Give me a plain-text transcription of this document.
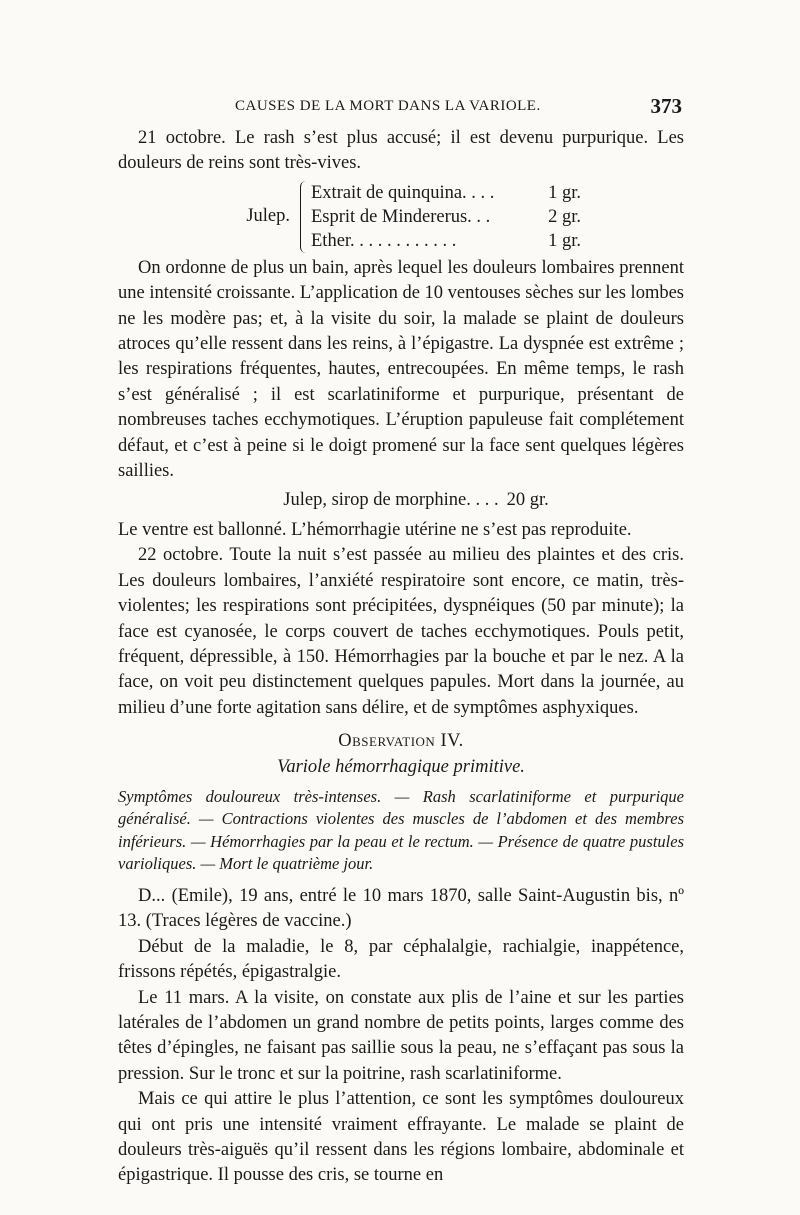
CAUSES DE LA MORT DANS LA VARIOLE.	373

21 octobre. Le rash s’est plus accusé; il est devenu purpurique. Les douleurs de reins sont très-vives.

Julep.
Extrait de quinquina. . . .	1 gr.
Esprit de Mindererus. . .	2 gr.
Ether. . . . . . . . . . . .	1 gr.

On ordonne de plus un bain, après lequel les douleurs lombaires prennent une intensité croissante. L’application de 10 ventouses sèches sur les lombes ne les modère pas; et, à la visite du soir, la malade se plaint de douleurs atroces qu’elle ressent dans les reins, à l’épigastre. La dyspnée est extrême ; les respirations fréquentes, hautes, entrecoupées. En même temps, le rash s’est généralisé ; il est scarlatiniforme et purpurique, présentant de nombreuses taches ecchymotiques. L’éruption papuleuse fait complétement défaut, et c’est à peine si le doigt promené sur la face sent quelques légères saillies.

Julep, sirop de morphine. . . . 20 gr.

Le ventre est ballonné. L’hémorrhagie utérine ne s’est pas reproduite.

22 octobre. Toute la nuit s’est passée au milieu des plaintes et des cris. Les douleurs lombaires, l’anxiété respiratoire sont encore, ce matin, très-violentes; les respirations sont précipitées, dyspnéiques (50 par minute); la face est cyanosée, le corps couvert de taches ecchymotiques. Pouls petit, fréquent, dépressible, à 150. Hémorrhagies par la bouche et par le nez. A la face, on voit peu distinctement quelques papules. Mort dans la journée, au milieu d’une forte agitation sans délire, et de symptômes asphyxiques.

Observation IV.
Variole hémorrhagique primitive.

Symptômes douloureux très-intenses. — Rash scarlatiniforme et purpurique généralisé. — Contractions violentes des muscles de l’abdomen et des membres inférieurs. — Hémorrhagies par la peau et le rectum. — Présence de quatre pustules varioliques. — Mort le quatrième jour.

D... (Emile), 19 ans, entré le 10 mars 1870, salle Saint-Augustin bis, nº 13. (Traces légères de vaccine.)

Début de la maladie, le 8, par céphalalgie, rachialgie, inappétence, frissons répétés, épigastralgie.

Le 11 mars. A la visite, on constate aux plis de l’aine et sur les parties latérales de l’abdomen un grand nombre de petits points, larges comme des têtes d’épingles, ne faisant pas saillie sous la peau, ne s’effaçant pas sous la pression. Sur le tronc et sur la poitrine, rash scarlatiniforme.

Mais ce qui attire le plus l’attention, ce sont les symptômes douloureux qui ont pris une intensité vraiment effrayante. Le malade se plaint de douleurs très-aiguës qu’il ressent dans les régions lombaire, abdominale et épigastrique. Il pousse des cris, se tourne en
